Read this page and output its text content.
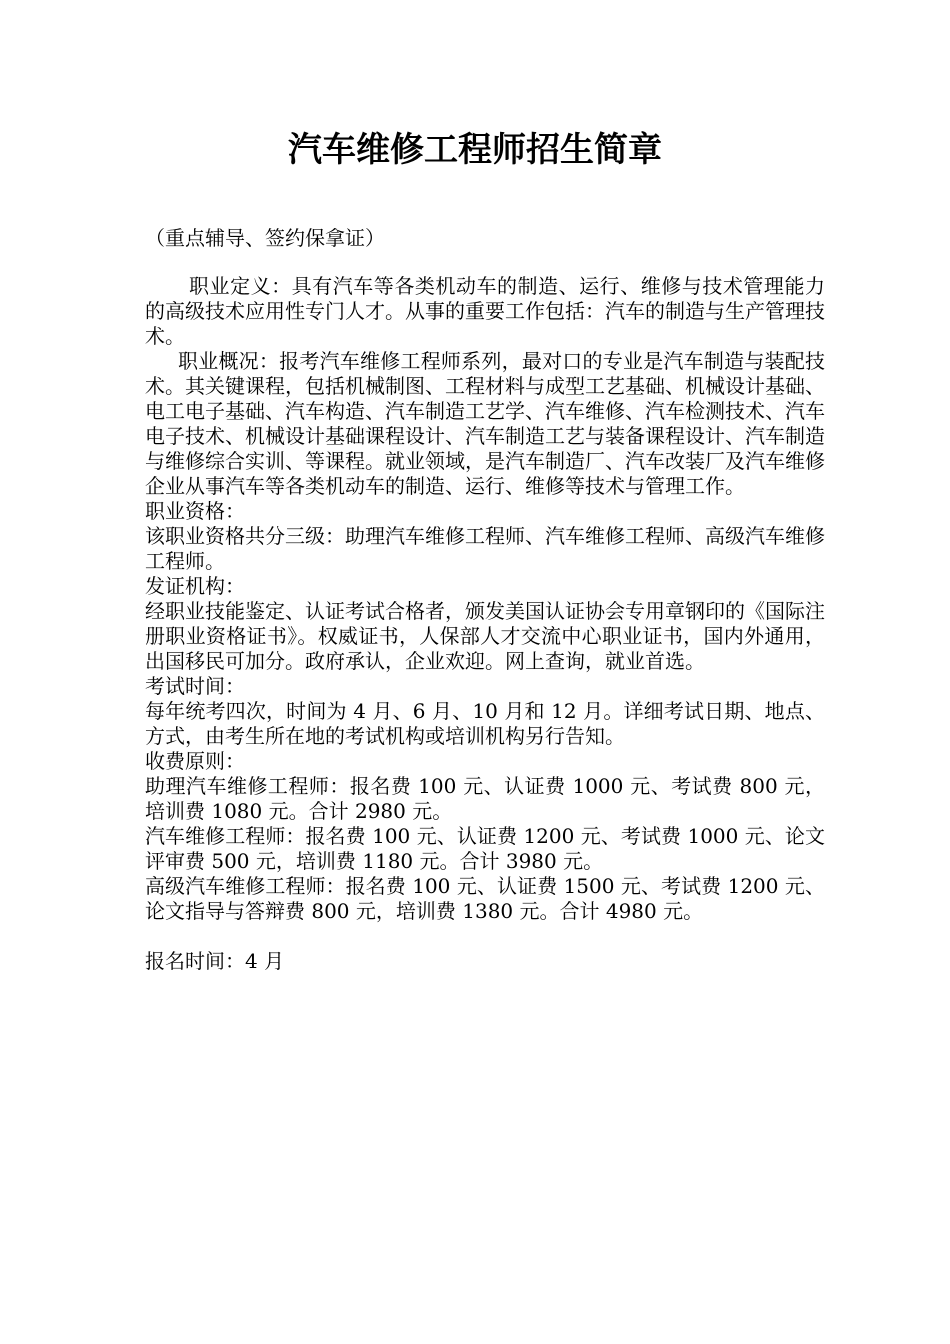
汽车维修工程师招生简章

（重点辅导、签约保拿证）

职业定义：具有汽车等各类机动车的制造、运行、维修与技术管理能力的高级技术应用性专门人才。从事的重要工作包括：汽车的制造与生产管理技术。

职业概况：报考汽车维修工程师系列，最对口的专业是汽车制造与装配技术。其关键课程，包括机械制图、工程材料与成型工艺基础、机械设计基础、电工电子基础、汽车构造、汽车制造工艺学、汽车维修、汽车检测技术、汽车电子技术、机械设计基础课程设计、汽车制造工艺与装备课程设计、汽车制造与维修综合实训、等课程。就业领域，是汽车制造厂、汽车改装厂及汽车维修企业从事汽车等各类机动车的制造、运行、维修等技术与管理工作。

职业资格：

该职业资格共分三级：助理汽车维修工程师、汽车维修工程师、高级汽车维修工程师。

发证机构：

经职业技能鉴定、认证考试合格者，颁发美国认证协会专用章钢印的《国际注册职业资格证书》。权威证书，人保部人才交流中心职业证书，国内外通用，出国移民可加分。政府承认，企业欢迎。网上查询，就业首选。

考试时间：

每年统考四次，时间为 4 月、6 月、10 月和 12 月。详细考试日期、地点、方式，由考生所在地的考试机构或培训机构另行告知。

收费原则：

助理汽车维修工程师：报名费 100 元、认证费 1000 元、考试费 800 元，培训费 1080 元。合计 2980 元。

汽车维修工程师：报名费 100 元、认证费 1200 元、考试费 1000 元、论文评审费 500 元，培训费 1180 元。合计 3980 元。

高级汽车维修工程师：报名费 100 元、认证费 1500 元、考试费 1200 元、论文指导与答辩费 800 元，培训费 1380 元。合计 4980 元。

报名时间：4 月
